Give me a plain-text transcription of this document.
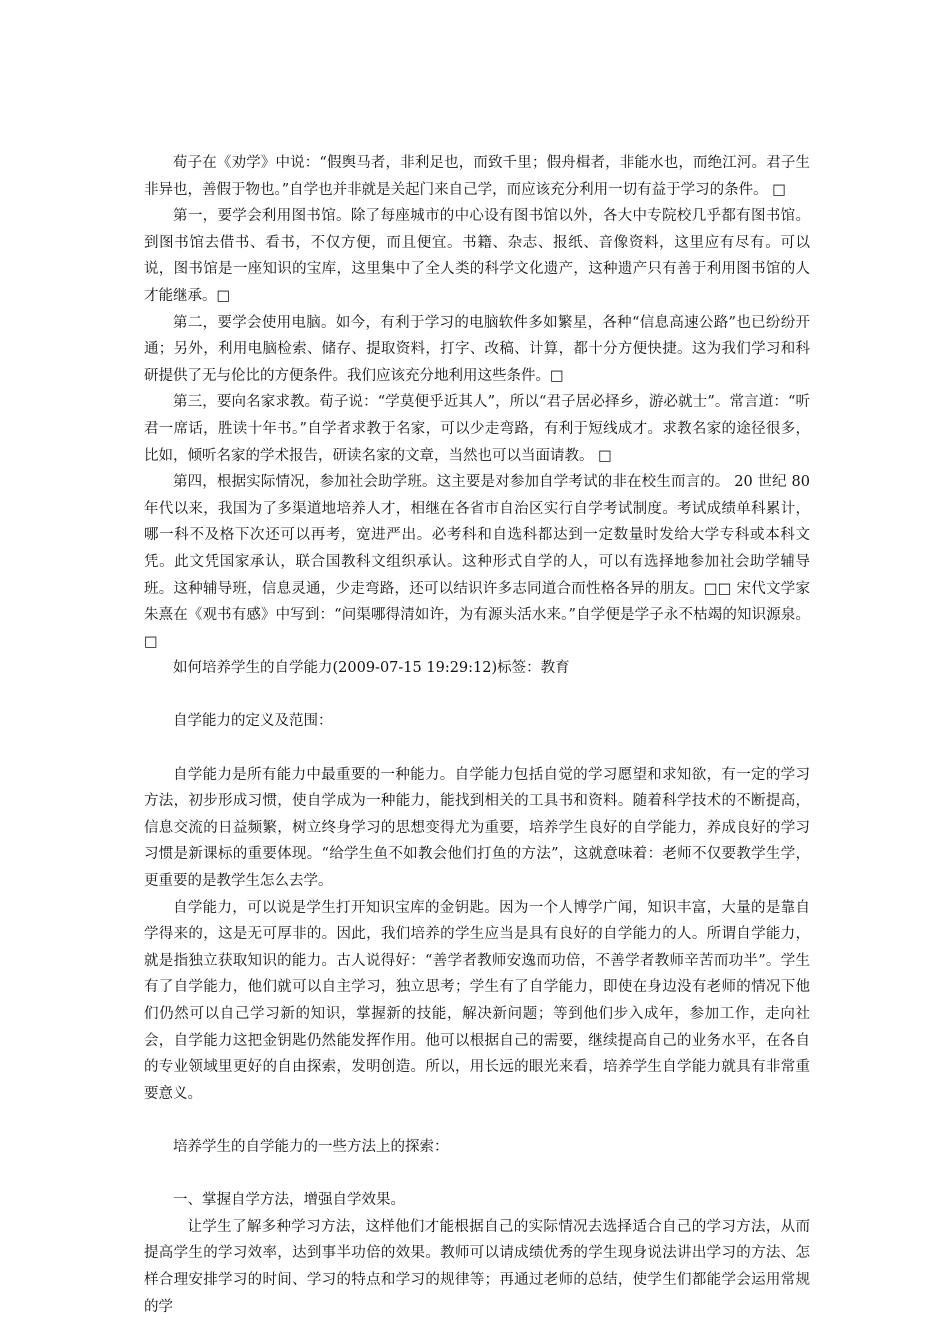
荀子在《劝学》中说：“假舆马者，非利足也，而致千里；假舟楫者，非能水也，而绝江河。君子生非异也，善假于物也。”自学也并非就是关起门来自己学，而应该充分利用一切有益于学习的条件。 □

第一，要学会利用图书馆。除了每座城市的中心设有图书馆以外，各大中专院校几乎都有图书馆。到图书馆去借书、看书，不仅方便，而且便宜。书籍、杂志、报纸、音像资料，这里应有尽有。可以说，图书馆是一座知识的宝库，这里集中了全人类的科学文化遗产，这种遗产只有善于利用图书馆的人才能继承。□

第二，要学会使用电脑。如今，有利于学习的电脑软件多如繁星，各种“信息高速公路”也已纷纷开通；另外，利用电脑检索、储存、提取资料，打字、改稿、计算，都十分方便快捷。这为我们学习和科研提供了无与伦比的方便条件。我们应该充分地利用这些条件。□

第三，要向名家求教。荀子说：“学莫便乎近其人”，所以“君子居必择乡，游必就士”。常言道：“听君一席话，胜读十年书。”自学者求教于名家，可以少走弯路，有利于短线成才。求教名家的途径很多，比如，倾听名家的学术报告，研读名家的文章，当然也可以当面请教。 □

第四，根据实际情况，参加社会助学班。这主要是对参加自学考试的非在校生而言的。 20 世纪 80 年代以来，我国为了多渠道地培养人才，相继在各省市自治区实行自学考试制度。考试成绩单科累计，哪一科不及格下次还可以再考，宽进严出。必考科和自选科都达到一定数量时发给大学专科或本科文凭。此文凭国家承认，联合国教科文组织承认。这种形式自学的人，可以有选择地参加社会助学辅导班。这种辅导班，信息灵通，少走弯路，还可以结识许多志同道合而性格各异的朋友。□□ 宋代文学家朱熹在《观书有感》中写到：“问渠哪得清如许，为有源头活水来。”自学便是学子永不枯竭的知识源泉。 □

如何培养学生的自学能力(2009-07-15 19:29:12)标签：教育

自学能力的定义及范围：

自学能力是所有能力中最重要的一种能力。自学能力包括自觉的学习愿望和求知欲，有一定的学习方法，初步形成习惯，使自学成为一种能力，能找到相关的工具书和资料。随着科学技术的不断提高，信息交流的日益频繁，树立终身学习的思想变得尤为重要，培养学生良好的自学能力，养成良好的学习习惯是新课标的重要体现。“给学生鱼不如教会他们打鱼的方法”，这就意味着：老师不仅要教学生学，更重要的是教学生怎么去学。

自学能力，可以说是学生打开知识宝库的金钥匙。因为一个人博学广闻，知识丰富，大量的是靠自学得来的，这是无可厚非的。因此，我们培养的学生应当是具有良好的自学能力的人。所谓自学能力，就是指独立获取知识的能力。古人说得好：“善学者教师安逸而功倍，不善学者教师辛苦而功半”。学生有了自学能力，他们就可以自主学习，独立思考；学生有了自学能力，即使在身边没有老师的情况下他们仍然可以自己学习新的知识，掌握新的技能，解决新问题；等到他们步入成年，参加工作，走向社会，自学能力这把金钥匙仍然能发挥作用。他可以根据自己的需要，继续提高自己的业务水平，在各自的专业领域里更好的自由探索，发明创造。所以，用长远的眼光来看，培养学生自学能力就具有非常重要意义。

培养学生的自学能力的一些方法上的探索：

一、掌握自学方法，增强自学效果。

让学生了解多种学习方法，这样他们才能根据自己的实际情况去选择适合自己的学习方法，从而提高学生的学习效率，达到事半功倍的效果。教师可以请成绩优秀的学生现身说法讲出学习的方法、怎样合理安排学习的时间、学习的特点和学习的规律等；再通过老师的总结，使学生们都能学会运用常规的学
